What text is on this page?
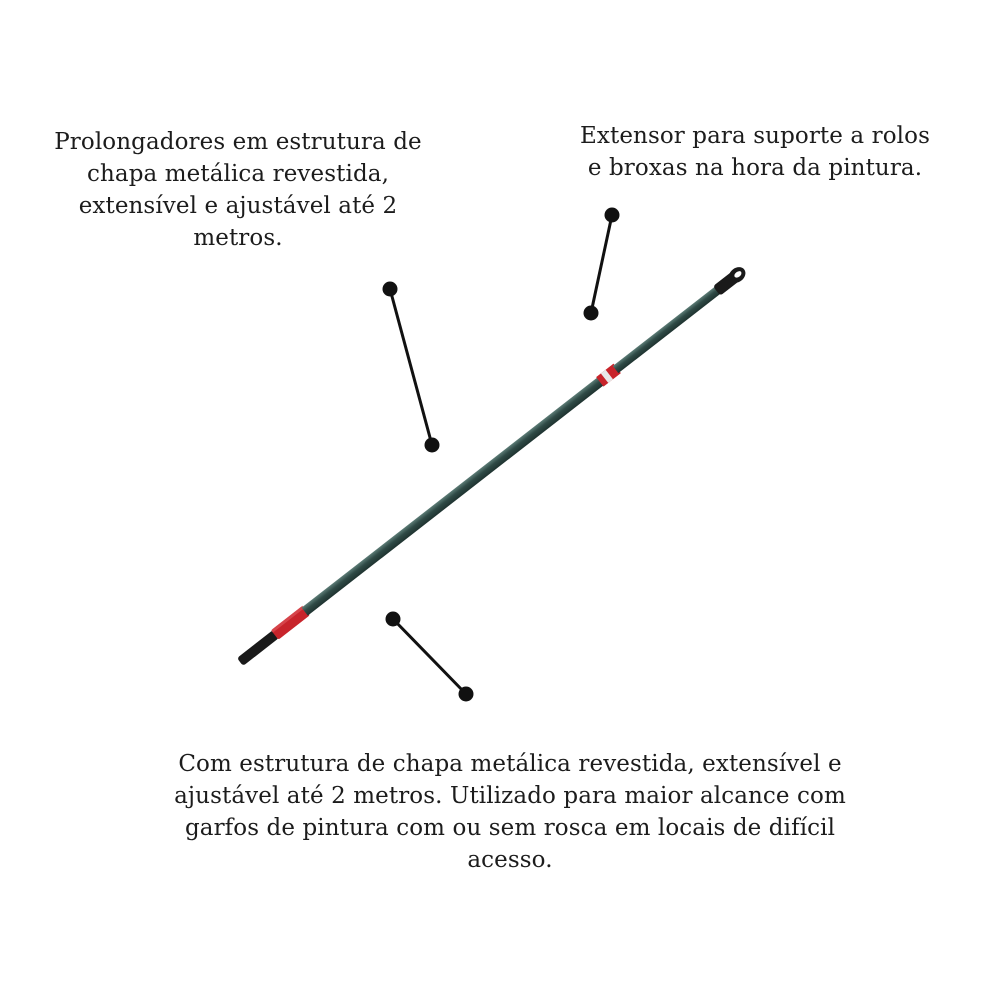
Prolongadores em estrutura de
chapa metálica revestida,
extensível e ajustável até 2
metros.
Extensor para suporte a rolos
e broxas na hora da pintura.
Com estrutura de chapa metálica revestida, extensível e
ajustável até 2 metros. Utilizado para maior alcance com
garfos de pintura com ou sem rosca em locais de difícil
acesso.
